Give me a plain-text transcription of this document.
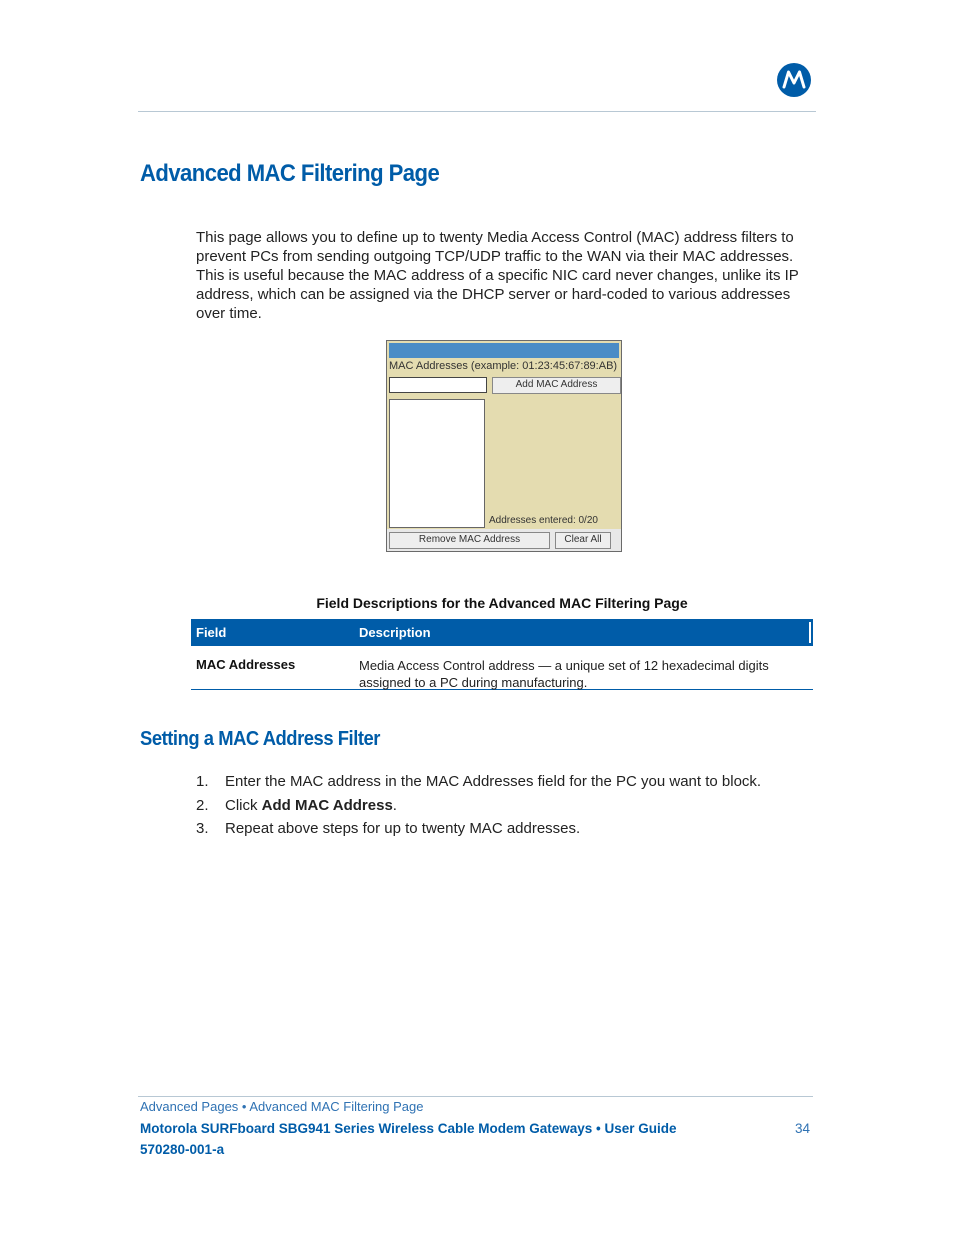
Advanced MAC Filtering Page
This page allows you to define up to twenty Media Access Control (MAC) address filters to prevent PCs from sending outgoing TCP/UDP traffic to the WAN via their MAC addresses. This is useful because the MAC address of a specific NIC card never changes, unlike its IP address, which can be assigned via the DHCP server or hard-coded to various addresses over time.
MAC Addresses (example: 01:23:45:67:89:AB)
Add MAC Address
Addresses entered: 0/20
Remove MAC Address	Clear All
Field Descriptions for the Advanced MAC Filtering Page
Field	Description
MAC Addresses	Media Access Control address — a unique set of 12 hexadecimal digits assigned to a PC during manufacturing.
Setting a MAC Address Filter
1. Enter the MAC address in the MAC Addresses field for the PC you want to block.
2. Click Add MAC Address.
3. Repeat above steps for up to twenty MAC addresses.
Advanced Pages • Advanced MAC Filtering Page
Motorola SURFboard SBG941 Series Wireless Cable Modem Gateways • User Guide
570280-001-a
34
